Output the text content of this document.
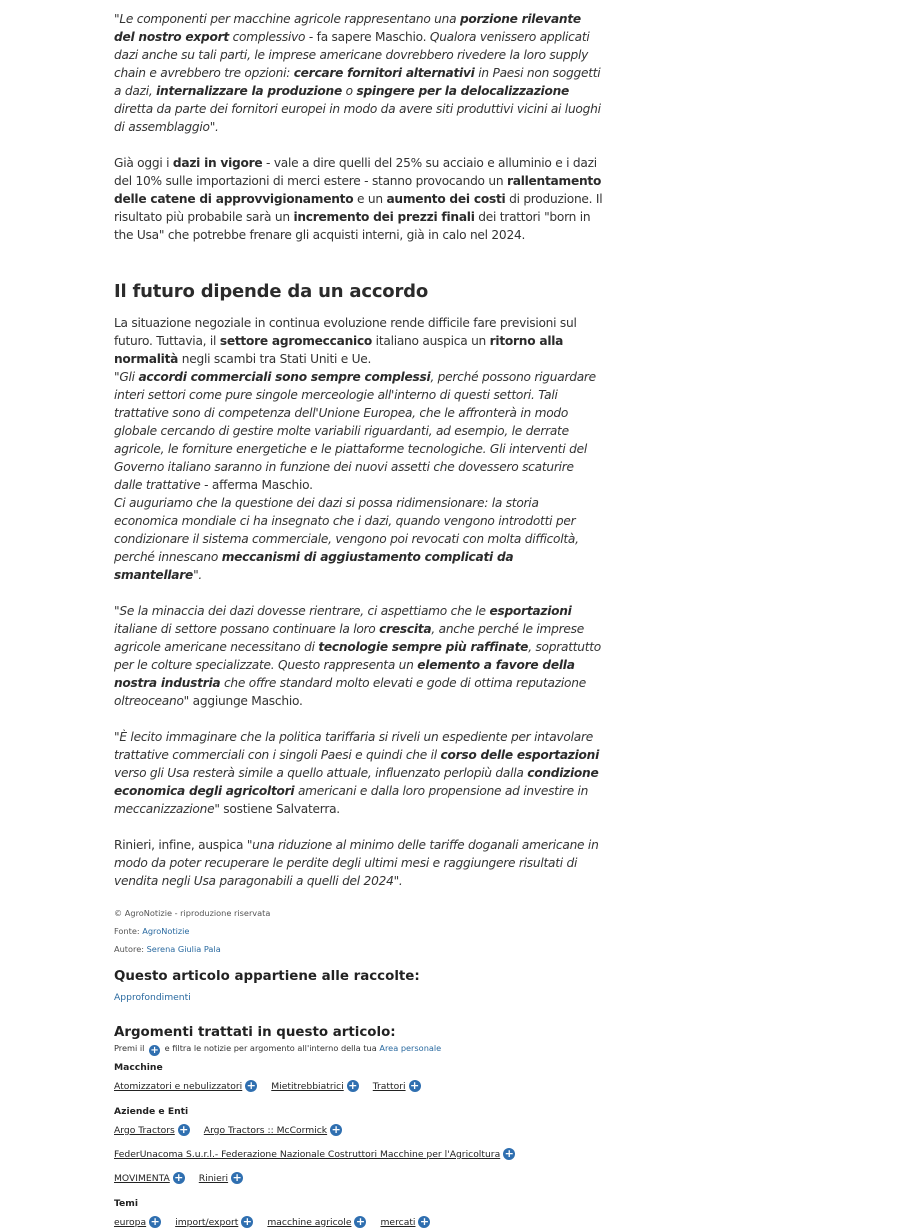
"Le componenti per macchine agricole rappresentano una porzione rilevante del nostro export complessivo - fa sapere Maschio. Qualora venissero applicati dazi anche su tali parti, le imprese americane dovrebbero rivedere la loro supply chain e avrebbero tre opzioni: cercare fornitori alternativi in Paesi non soggetti a dazi, internalizzare la produzione o spingere per la delocalizzazione diretta da parte dei fornitori europei in modo da avere siti produttivi vicini ai luoghi di assemblaggio".

Già oggi i dazi in vigore - vale a dire quelli del 25% su acciaio e alluminio e i dazi del 10% sulle importazioni di merci estere - stanno provocando un rallentamento delle catene di approvvigionamento e un aumento dei costi di produzione. Il risultato più probabile sarà un incremento dei prezzi finali dei trattori "born in the Usa" che potrebbe frenare gli acquisti interni, già in calo nel 2024.

Il futuro dipende da un accordo

La situazione negoziale in continua evoluzione rende difficile fare previsioni sul futuro. Tuttavia, il settore agromeccanico italiano auspica un ritorno alla normalità negli scambi tra Stati Uniti e Ue.

"Gli accordi commerciali sono sempre complessi, perché possono riguardare interi settori come pure singole merceologie all'interno di questi settori. Tali trattative sono di competenza dell'Unione Europea, che le affronterà in modo globale cercando di gestire molte variabili riguardanti, ad esempio, le derrate agricole, le forniture energetiche e le piattaforme tecnologiche. Gli interventi del Governo italiano saranno in funzione dei nuovi assetti che dovessero scaturire dalle trattative - afferma Maschio.

Ci auguriamo che la questione dei dazi si possa ridimensionare: la storia economica mondiale ci ha insegnato che i dazi, quando vengono introdotti per condizionare il sistema commerciale, vengono poi revocati con molta difficoltà, perché innescano meccanismi di aggiustamento complicati da smantellare".

"Se la minaccia dei dazi dovesse rientrare, ci aspettiamo che le esportazioni italiane di settore possano continuare la loro crescita, anche perché le imprese agricole americane necessitano di tecnologie sempre più raffinate, soprattutto per le colture specializzate. Questo rappresenta un elemento a favore della nostra industria che offre standard molto elevati e gode di ottima reputazione oltreoceano" aggiunge Maschio.

"È lecito immaginare che la politica tariffaria si riveli un espediente per intavolare trattative commerciali con i singoli Paesi e quindi che il corso delle esportazioni verso gli Usa resterà simile a quello attuale, influenzato perlopiù dalla condizione economica degli agricoltori americani e dalla loro propensione ad investire in meccanizzazione" sostiene Salvaterra.

Rinieri, infine, auspica "una riduzione al minimo delle tariffe doganali americane in modo da poter recuperare le perdite degli ultimi mesi e raggiungere risultati di vendita negli Usa paragonabili a quelli del 2024".

© AgroNotizie - riproduzione riservata
Fonte: AgroNotizie
Autore: Serena Giulia Pala
Questo articolo appartiene alle raccolte:
Approfondimenti
Argomenti trattati in questo articolo:
Premi il + e filtra le notizie per argomento all'interno della tua Area personale
Macchine
Atomizzatori e nebulizzatori + Mietitrebbiatrici + Trattori +
Aziende e Enti
Argo Tractors + Argo Tractors :: McCormick +
FederUnacoma S.u.r.l.- Federazione Nazionale Costruttori Macchine per l'Agricoltura +
MOVIMENTA + Rinieri +
Temi
europa + import/export + macchine agricole + mercati +
